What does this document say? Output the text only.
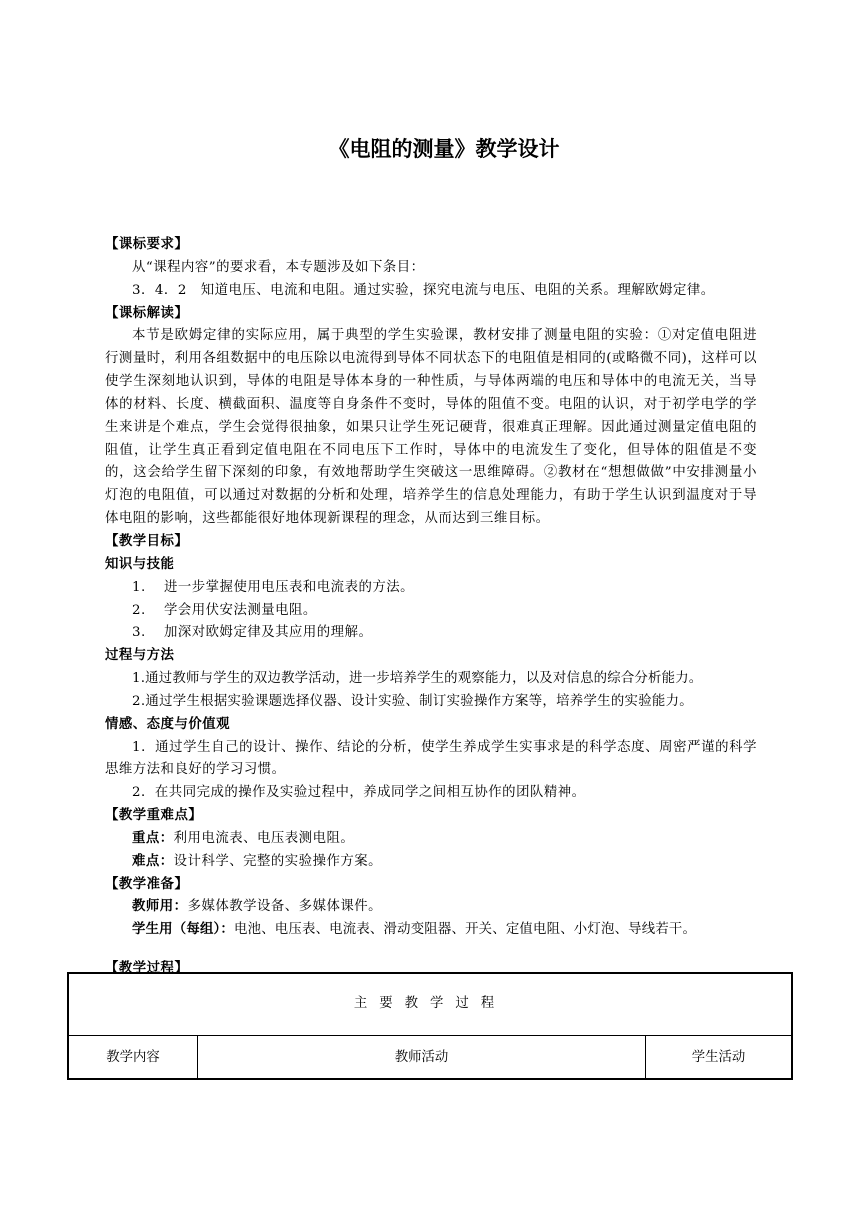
《电阻的测量》教学设计

【课标要求】

从“课程内容”的要求看，本专题涉及如下条目：

3．4．2　知道电压、电流和电阻。通过实验，探究电流与电压、电阻的关系。理解欧姆定律。

【课标解读】

本节是欧姆定律的实际应用，属于典型的学生实验课，教材安排了测量电阻的实验：①对定值电阻进行测量时，利用各组数据中的电压除以电流得到导体不同状态下的电阻值是相同的(或略微不同)，这样可以使学生深刻地认识到，导体的电阻是导体本身的一种性质，与导体两端的电压和导体中的电流无关，当导体的材料、长度、横截面积、温度等自身条件不变时，导体的阻值不变。电阻的认识，对于初学电学的学生来讲是个难点，学生会觉得很抽象，如果只让学生死记硬背，很难真正理解。因此通过测量定值电阻的阻值，让学生真正看到定值电阻在不同电压下工作时，导体中的电流发生了变化，但导体的阻值是不变的，这会给学生留下深刻的印象，有效地帮助学生突破这一思维障碍。②教材在“想想做做”中安排测量小灯泡的电阻值，可以通过对数据的分析和处理，培养学生的信息处理能力，有助于学生认识到温度对于导体电阻的影响，这些都能很好地体现新课程的理念，从而达到三维目标。

【教学目标】

知识与技能

1. 进一步掌握使用电压表和电流表的方法。

2. 学会用伏安法测量电阻。

3. 加深对欧姆定律及其应用的理解。

过程与方法

1.通过教师与学生的双边教学活动，进一步培养学生的观察能力，以及对信息的综合分析能力。

2.通过学生根据实验课题选择仪器、设计实验、制订实验操作方案等，培养学生的实验能力。

情感、态度与价值观

1．通过学生自己的设计、操作、结论的分析，使学生养成学生实事求是的科学态度、周密严谨的科学思维方法和良好的学习习惯。

2．在共同完成的操作及实验过程中，养成同学之间相互协作的团队精神。

【教学重难点】

重点：利用电流表、电压表测电阻。

难点：设计科学、完整的实验操作方案。

【教学准备】

教师用：多媒体教学设备、多媒体课件。

学生用（每组）：电池、电压表、电流表、滑动变阻器、开关、定值电阻、小灯泡、导线若干。

【教学过程】

主要教学过程
教学内容	教师活动	学生活动
